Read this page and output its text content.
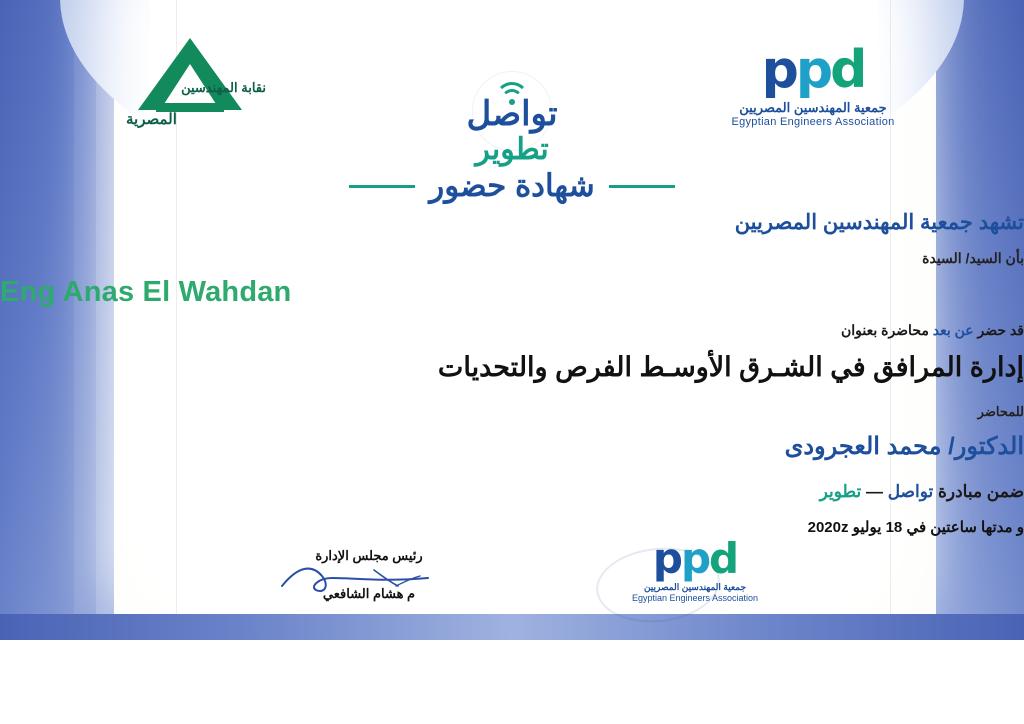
نقابة المهندسين
المصرية
ppd
جمعية المهندسين المصريين
Egyptian Engineers Association
تواصل
تطوير
شهادة حضور
تشهد جمعية المهندسين المصريين
بأن السيد/ السيدة
Eng Anas El Wahdan
قد حضر عن بعد محاضرة بعنوان
إدارة المرافق في الشـرق الأوسـط الفرص والتحديات
للمحاضر
الدكتور/ محمد العجرودى
ضمن مبادرة تواصل — تطوير
و مدتها ساعتين في 18 يوليو 2020z
رئيس مجلس الإدارة
م هشام الشافعي
ppd
جمعية المهندسين المصريين
Egyptian Engineers Association
